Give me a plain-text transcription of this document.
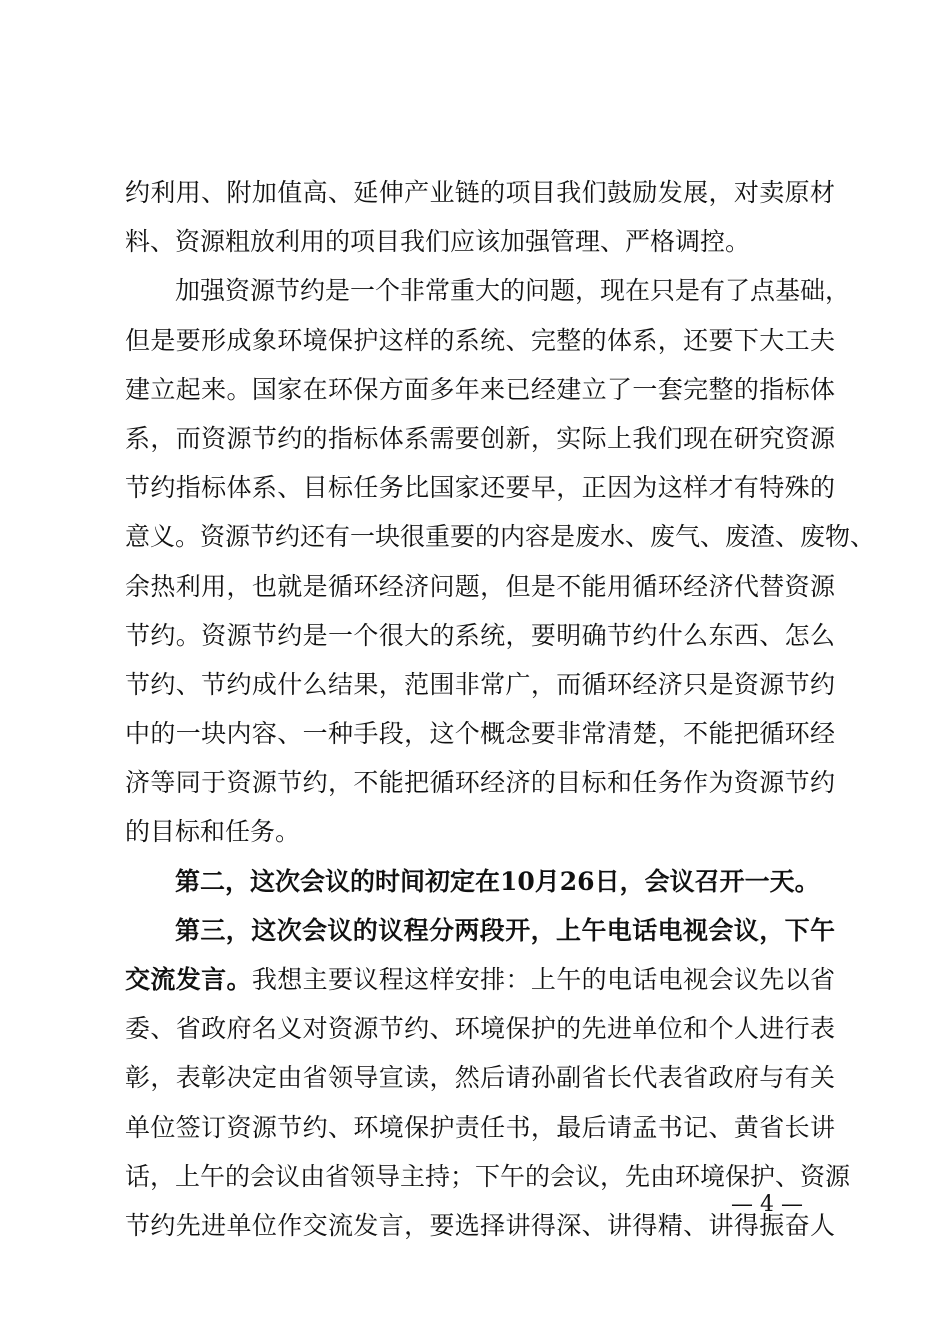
约利用、附加值高、延伸产业链的项目我们鼓励发展，对卖原材
料、资源粗放利用的项目我们应该加强管理、严格调控。
加强资源节约是一个非常重大的问题，现在只是有了点基础，
但是要形成象环境保护这样的系统、完整的体系，还要下大工夫
建立起来。国家在环保方面多年来已经建立了一套完整的指标体
系，而资源节约的指标体系需要创新，实际上我们现在研究资源
节约指标体系、目标任务比国家还要早，正因为这样才有特殊的
意义。资源节约还有一块很重要的内容是废水、废气、废渣、废物、
余热利用，也就是循环经济问题，但是不能用循环经济代替资源
节约。资源节约是一个很大的系统，要明确节约什么东西、怎么
节约、节约成什么结果，范围非常广，而循环经济只是资源节约
中的一块内容、一种手段，这个概念要非常清楚，不能把循环经
济等同于资源节约，不能把循环经济的目标和任务作为资源节约
的目标和任务。
第二，这次会议的时间初定在10月26日，会议召开一天。
第三，这次会议的议程分两段开，上午电话电视会议，下午
交流发言。我想主要议程这样安排：上午的电话电视会议先以省
委、省政府名义对资源节约、环境保护的先进单位和个人进行表
彰，表彰决定由省领导宣读，然后请孙副省长代表省政府与有关
单位签订资源节约、环境保护责任书，最后请孟书记、黄省长讲
话，上午的会议由省领导主持；下午的会议，先由环境保护、资源
节约先进单位作交流发言，要选择讲得深、讲得精、讲得振奋人
— 4 —
